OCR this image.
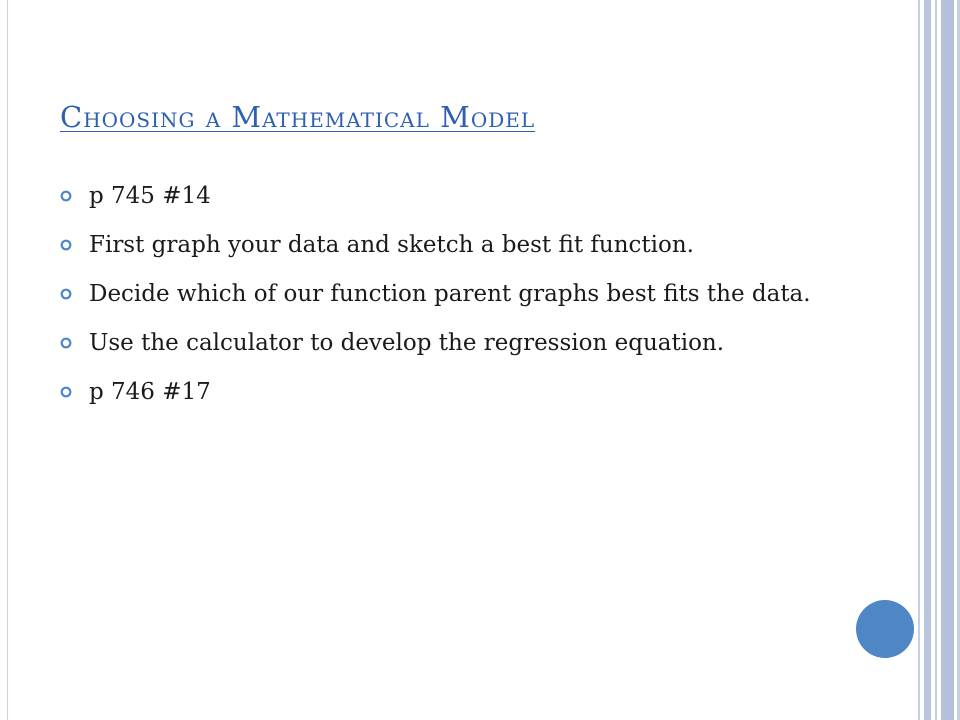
Choosing a Mathematical Model
p 745 #14
First graph your data and sketch a best fit function.
Decide which of our function parent graphs best fits the data.
Use the calculator to develop the regression equation.
p 746 #17
